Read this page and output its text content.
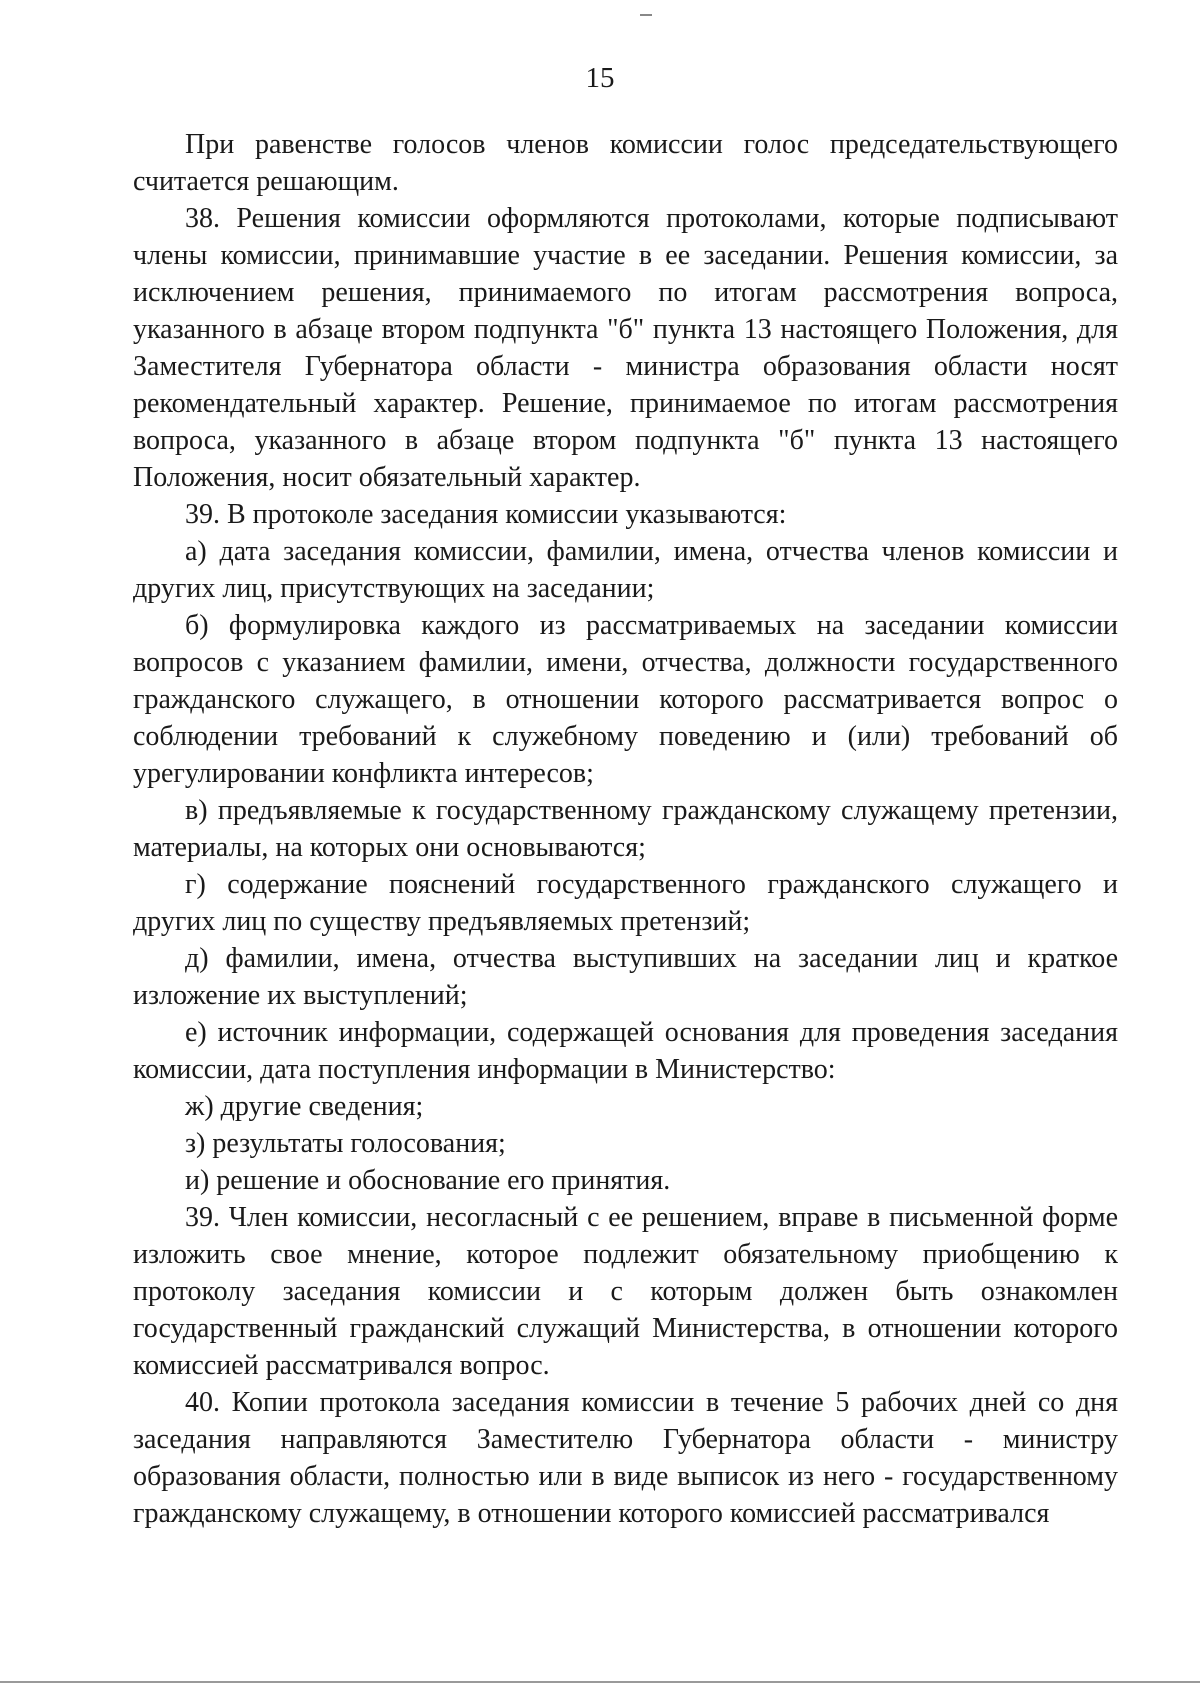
15

При равенстве голосов членов комиссии голос председательствующего считается решающим.

38. Решения комиссии оформляются протоколами, которые подписывают члены комиссии, принимавшие участие в ее заседании. Решения комиссии, за исключением решения, принимаемого по итогам рассмотрения вопроса, указанного в абзаце втором подпункта "б" пункта 13 настоящего Положения, для Заместителя Губернатора области - министра образования области носят рекомендательный характер. Решение, принимаемое по итогам рассмотрения вопроса, указанного в абзаце втором подпункта "б" пункта 13 настоящего Положения, носит обязательный характер.

39. В протоколе заседания комиссии указываются:

а) дата заседания комиссии, фамилии, имена, отчества членов комиссии и других лиц, присутствующих на заседании;

б) формулировка каждого из рассматриваемых на заседании комиссии вопросов с указанием фамилии, имени, отчества, должности государственного гражданского служащего, в отношении которого рассматривается вопрос о соблюдении требований к служебному поведению и (или) требований об урегулировании конфликта интересов;

в) предъявляемые к государственному гражданскому служащему претензии, материалы, на которых они основываются;

г) содержание пояснений государственного гражданского служащего и других лиц по существу предъявляемых претензий;

д) фамилии, имена, отчества выступивших на заседании лиц и краткое изложение их выступлений;

е) источник информации, содержащей основания для проведения заседания комиссии, дата поступления информации в Министерство:

ж) другие сведения;

з) результаты голосования;

и) решение и обоснование его принятия.

39. Член комиссии, несогласный с ее решением, вправе в письменной форме изложить свое мнение, которое подлежит обязательному приобщению к протоколу заседания комиссии и с которым должен быть ознакомлен государственный гражданский служащий Министерства, в отношении которого комиссией рассматривался вопрос.

40. Копии протокола заседания комиссии в течение 5 рабочих дней со дня заседания направляются Заместителю Губернатора области - министру образования области, полностью или в виде выписок из него - государственному гражданскому служащему, в отношении которого комиссией рассматривался
